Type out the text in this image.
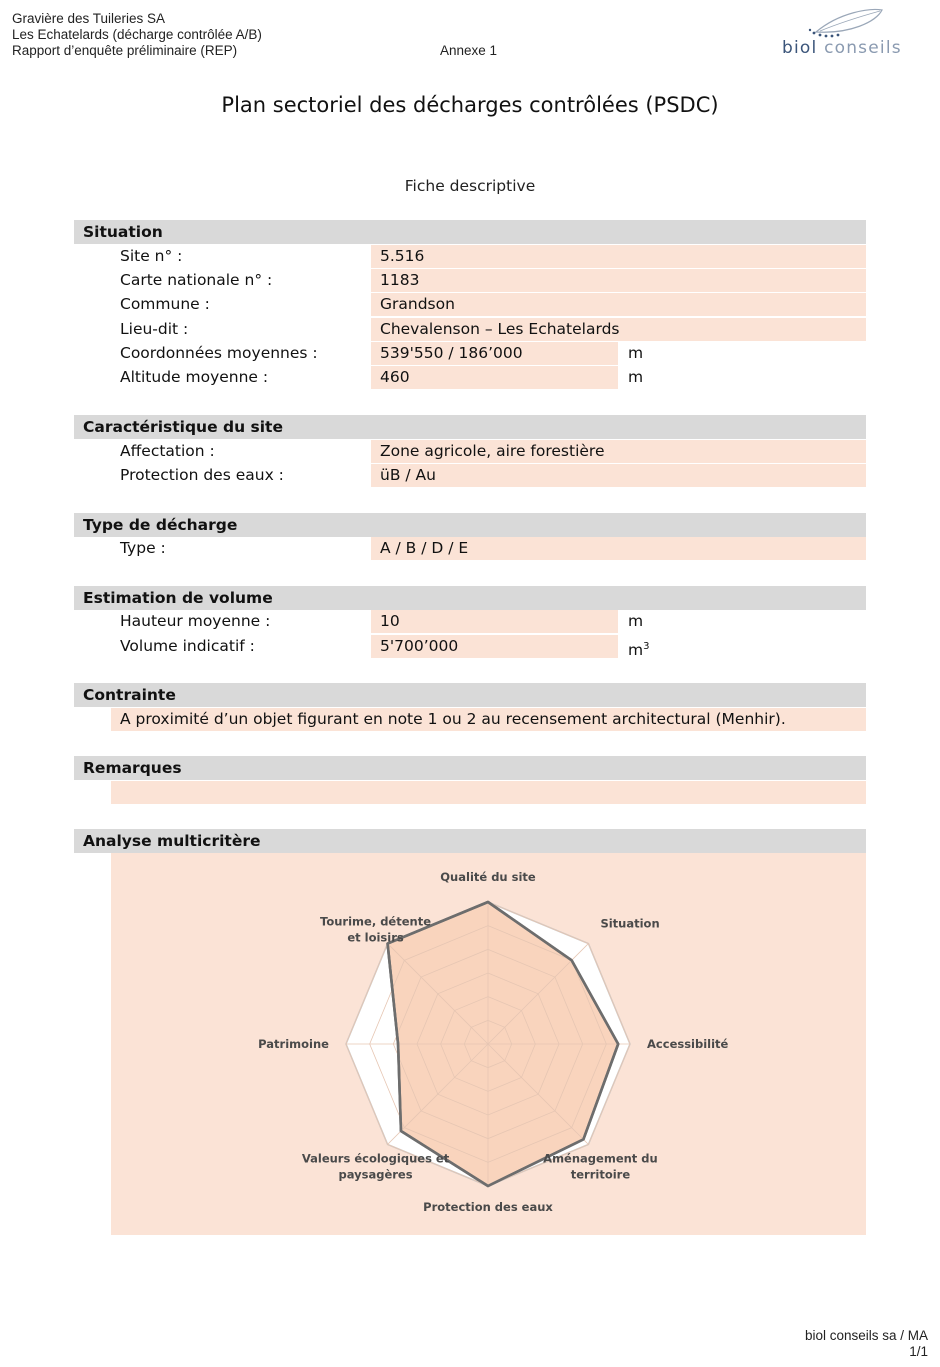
Gravière des Tuileries SA
Les Echatelards (décharge contrôlée A/B)
Rapport d’enquête préliminaire (REP)	Annexe 1	biol conseils
Plan sectoriel des décharges contrôlées (PSDC)
Fiche descriptive
Situation
Site n° :	5.516
Carte nationale n° :	1183
Commune :	Grandson
Lieu-dit :	Chevalenson – Les Echatelards
Coordonnées moyennes :	539'550 / 186’000	m
Altitude moyenne :	460	m
Caractéristique du site
Affectation :	Zone agricole, aire forestière
Protection des eaux :	üB / Au
Type de décharge
Type :	A / B / D / E
Estimation de volume
Hauteur moyenne :	10	m
Volume indicatif :	5'700’000	$m^3$
Contrainte
A proximité d’un objet figurant en note 1 ou 2 au recensement architectural (Menhir).
Remarques
Analyse multicritère
Qualité du site
Situation
Accessibilité
Aménagement du territoire
Protection des eaux
Valeurs écologiques et paysagères
Patrimoine
Tourime, détente et loisirs
biol conseils sa / MA
1/1
